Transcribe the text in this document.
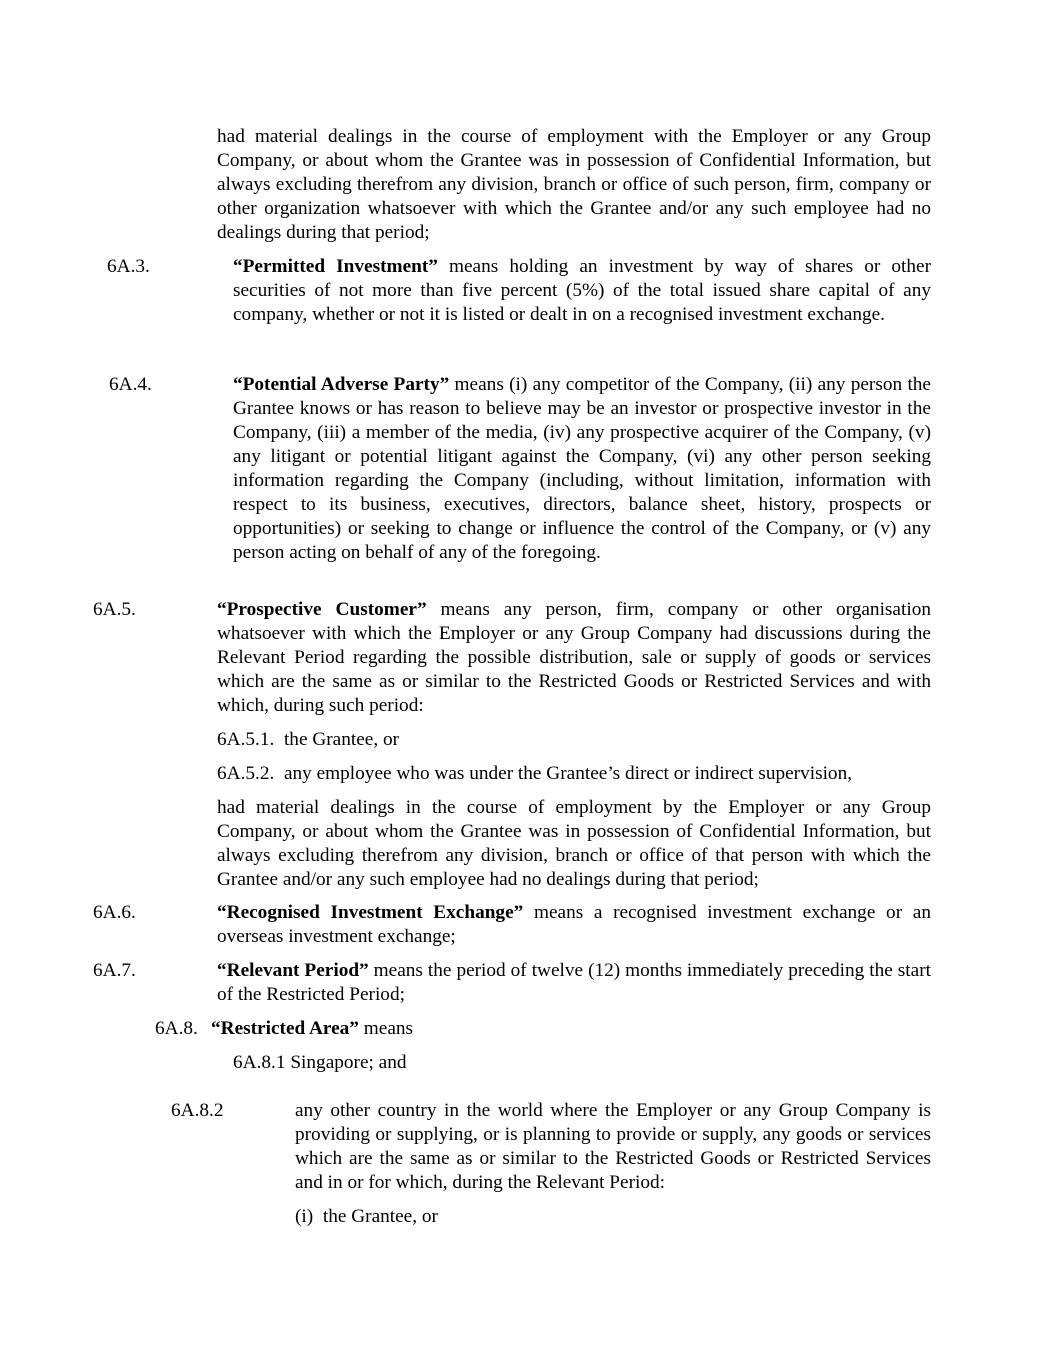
had material dealings in the course of employment with the Employer or any Group Company, or about whom the Grantee was in possession of Confidential Information, but always excluding therefrom any division, branch or office of such person, firm, company or other organization whatsoever with which the Grantee and/or any such employee had no dealings during that period;

6A.3.	“Permitted Investment” means holding an investment by way of shares or other securities of not more than five percent (5%) of the total issued share capital of any company, whether or not it is listed or dealt in on a recognised investment exchange.

6A.4.	“Potential Adverse Party” means (i) any competitor of the Company, (ii) any person the Grantee knows or has reason to believe may be an investor or prospective investor in the Company, (iii) a member of the media, (iv) any prospective acquirer of the Company, (v) any litigant or potential litigant against the Company, (vi) any other person seeking information regarding the Company (including, without limitation, information with respect to its business, executives, directors, balance sheet, history, prospects or opportunities) or seeking to change or influence the control of the Company, or (v) any person acting on behalf of any of the foregoing.

6A.5.	“Prospective Customer” means any person, firm, company or other organisation whatsoever with which the Employer or any Group Company had discussions during the Relevant Period regarding the possible distribution, sale or supply of goods or services which are the same as or similar to the Restricted Goods or Restricted Services and with which, during such period:

6A.5.1. the Grantee, or

6A.5.2. any employee who was under the Grantee’s direct or indirect supervision,

had material dealings in the course of employment by the Employer or any Group Company, or about whom the Grantee was in possession of Confidential Information, but always excluding therefrom any division, branch or office of that person with which the Grantee and/or any such employee had no dealings during that period;

6A.6.	“Recognised Investment Exchange” means a recognised investment exchange or an overseas investment exchange;

6A.7.	“Relevant Period” means the period of twelve (12) months immediately preceding the start of the Restricted Period;

6A.8. “Restricted Area” means

6A.8.1 Singapore; and

6A.8.2	any other country in the world where the Employer or any Group Company is providing or supplying, or is planning to provide or supply, any goods or services which are the same as or similar to the Restricted Goods or Restricted Services and in or for which, during the Relevant Period:

(i) the Grantee, or
